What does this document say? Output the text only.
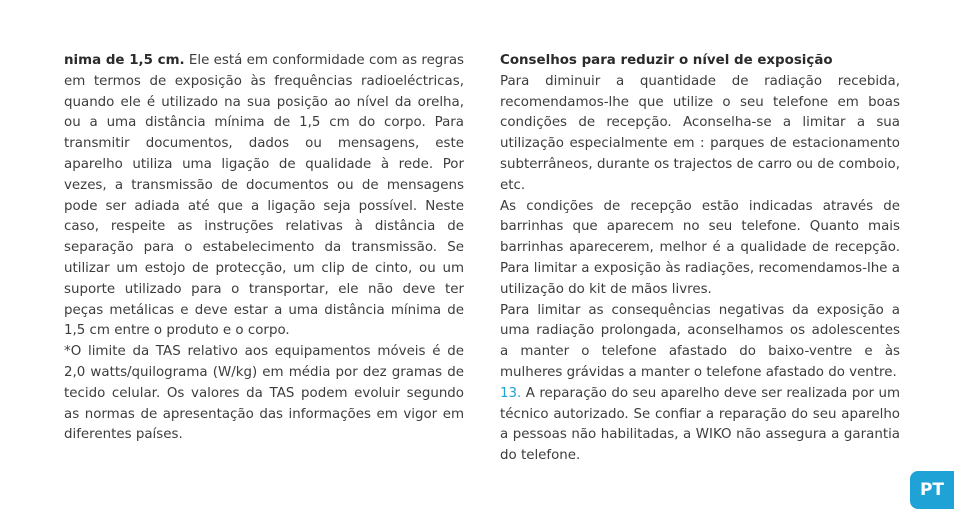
nima de 1,5 cm. Ele está em conformidade com as regras em termos de exposição às frequências radioeléctricas, quando ele é utilizado na sua posição ao nível da orelha, ou a uma distância mínima de 1,5 cm do corpo. Para transmitir documentos, dados ou mensagens, este aparelho utiliza uma ligação de qualidade à rede. Por vezes, a transmissão de documentos ou de mensagens pode ser adiada até que a ligação seja possível. Neste caso, respeite as instruções relativas à distância de separação para o estabelecimento da transmissão. Se utilizar um estojo de protecção, um clip de cinto, ou um suporte utilizado para o transportar, ele não deve ter peças metálicas e deve estar a uma distância mínima de 1,5 cm entre o produto e o corpo.

*O limite da TAS relativo aos equipamentos móveis é de 2,0 watts/quilograma (W/kg) em média por dez gramas de tecido celular. Os valores da TAS podem evoluir segundo as normas de apresentação das informações em vigor em diferentes países.

Conselhos para reduzir o nível de exposição

Para diminuir a quantidade de radiação recebida, recomendamos-lhe que utilize o seu telefone em boas condições de recepção. Aconselha-se a limitar a sua utilização especialmente em : parques de estacionamento subterrâneos, durante os trajectos de carro ou de comboio, etc.

As condições de recepção estão indicadas através de barrinhas que aparecem no seu telefone. Quanto mais barrinhas aparecerem, melhor é a qualidade de recepção. Para limitar a exposição às radiações, recomendamos-lhe a utilização do kit de mãos livres.

Para limitar as consequências negativas da exposição a uma radiação prolongada, aconselhamos os adolescentes a manter o telefone afastado do baixo-ventre e às mulheres grávidas a manter o telefone afastado do ventre.

13. A reparação do seu aparelho deve ser realizada por um técnico autorizado. Se confiar a reparação do seu aparelho a pessoas não habilitadas, a WIKO não assegura a garantia do telefone.

PT
